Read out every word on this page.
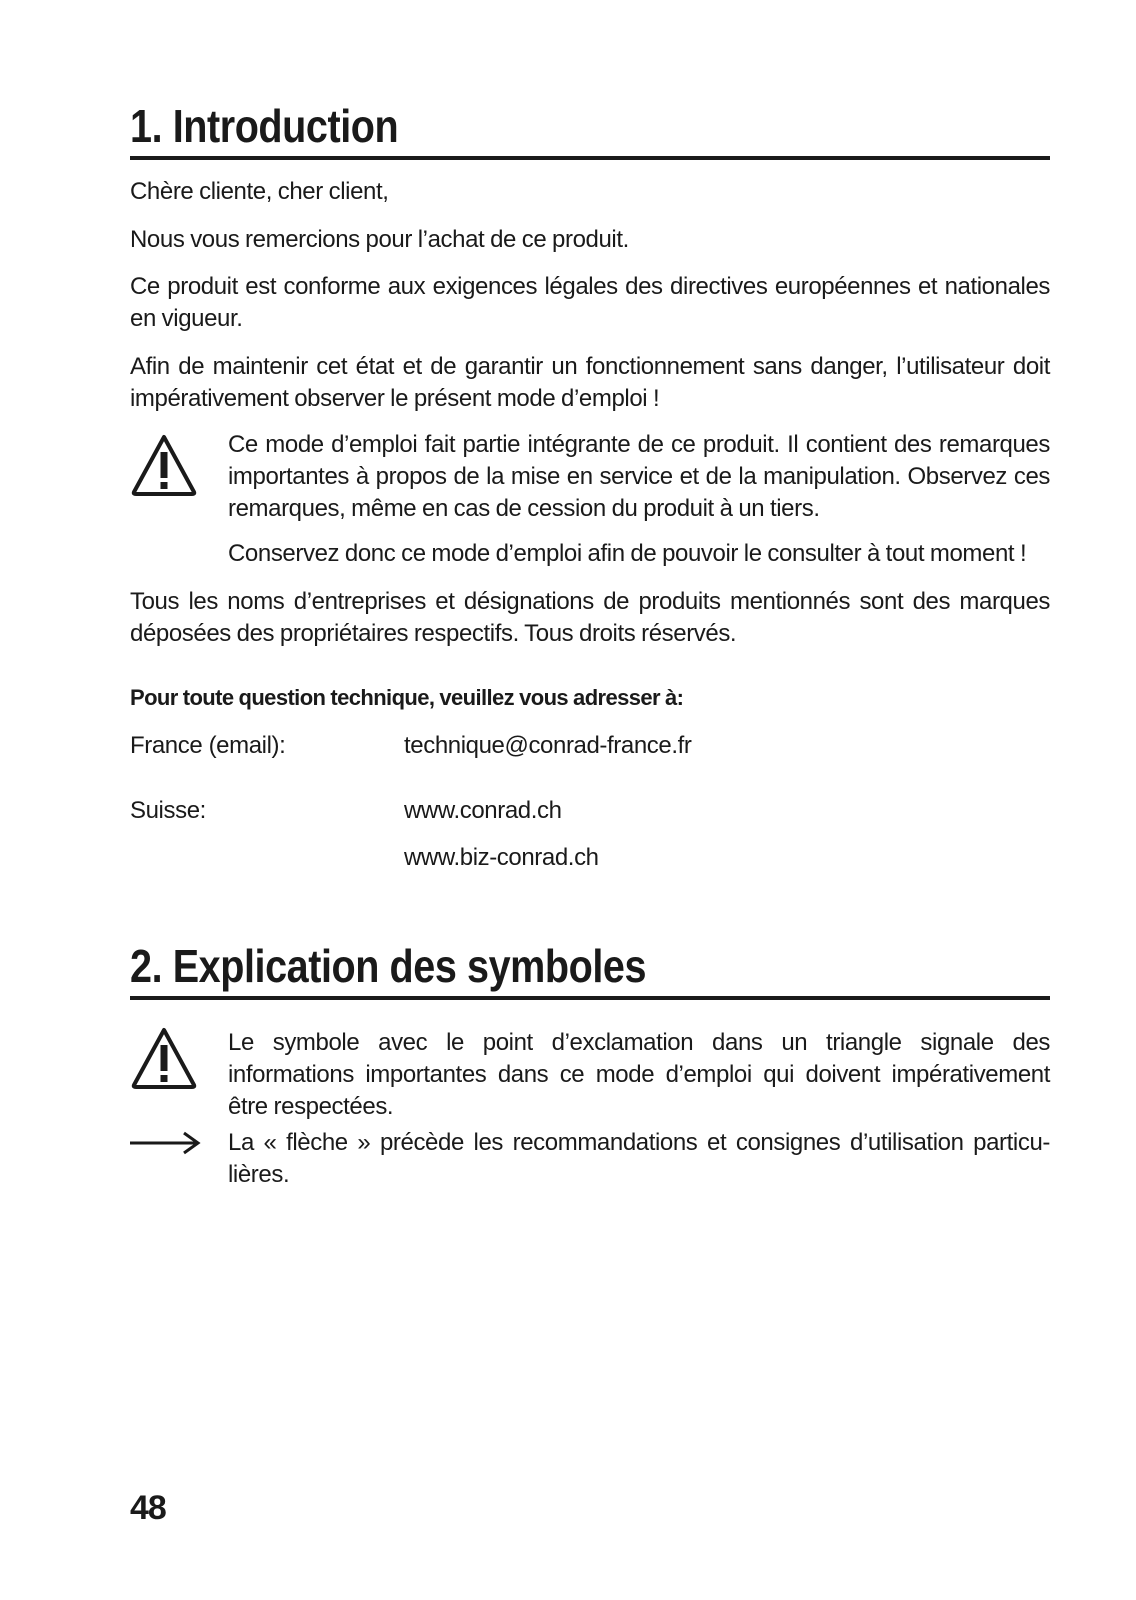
1. Introduction

Chère cliente, cher client,

Nous vous remercions pour l’achat de ce produit.

Ce produit est conforme aux exigences légales des directives européennes et nationales en vigueur.

Afin de maintenir cet état et de garantir un fonctionnement sans danger, l’utilisateur doit impérativement observer le présent mode d’emploi !

Ce mode d’emploi fait partie intégrante de ce produit. Il contient des remarques importantes à propos de la mise en service et de la manipulation. Observez ces remarques, même en cas de cession du produit à un tiers.

Conservez donc ce mode d’emploi afin de pouvoir le consulter à tout moment !

Tous les noms d’entreprises et désignations de produits mentionnés sont des marques déposées des propriétaires respectifs. Tous droits réservés.

Pour toute question technique, veuillez vous adresser à:

France (email):	technique@conrad-france.fr
Suisse:	www.conrad.ch
www.biz-conrad.ch
2. Explication des symboles

Le symbole avec le point d’exclamation dans un triangle signale des informations importantes dans ce mode d’emploi qui doivent impérativement être respectées.

La « flèche » précède les recommandations et consignes d’utilisation particu-lières.

48
